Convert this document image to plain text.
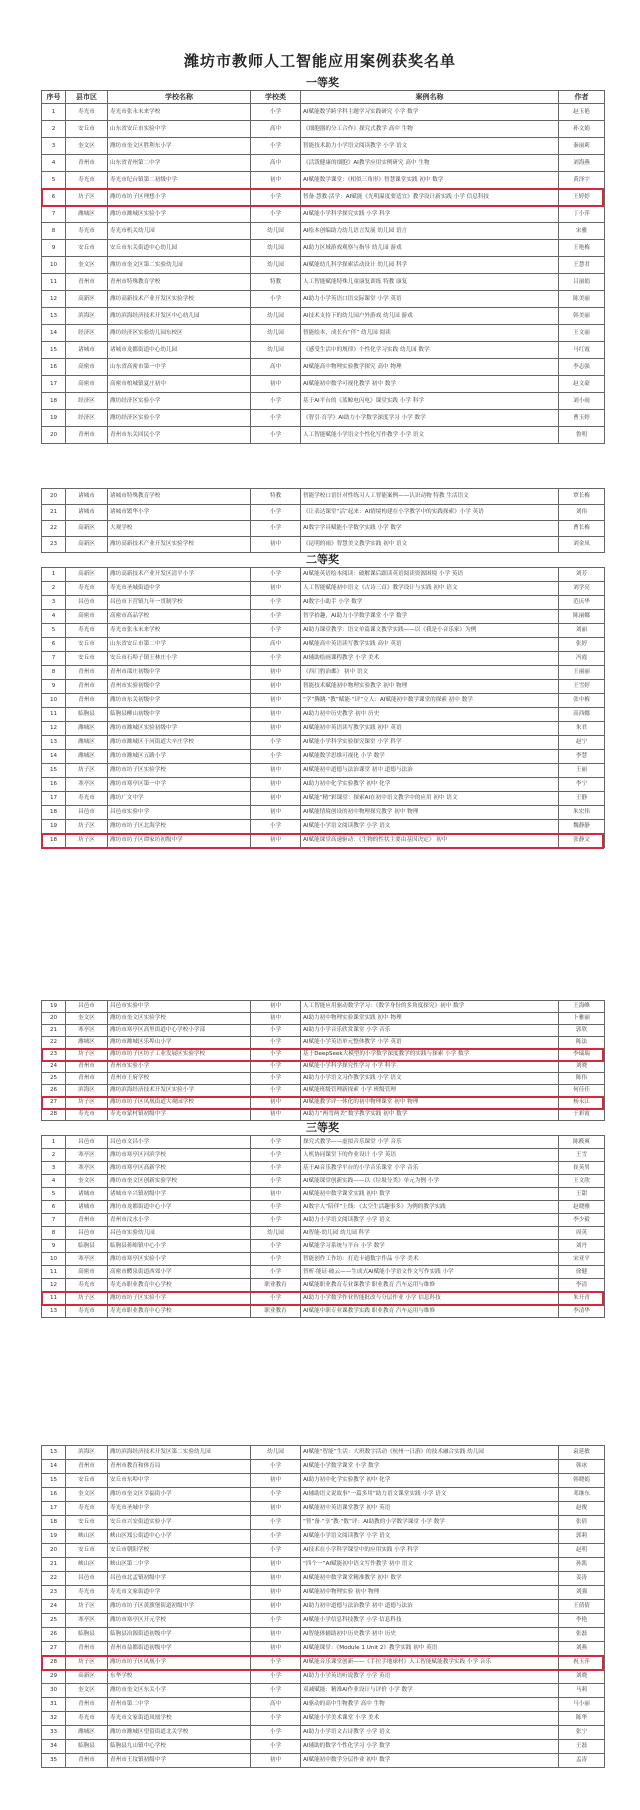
潍坊市教师人工智能应用案例获奖名单
一等奖
序号	县市区	学校名称	学校类	案例名称	作者
1	寿光市	寿光市张永未来学校	小学	AI赋能数学跨学科主题学习实践研究 小学 数学	赵玉艳
2	安丘市	山东省安丘市实验中学	高中	《细胞器的分工合作》探究式教学 高中 生物	孙文娟
3	奎文区	潍坊市奎文区胜利东小学	小学	智能技术助力小学语文阅读教学 小学 语文	秦丽莉
4	青州市	山东省青州第二中学	高中	《活泼健康的细胞》AI教学应用实例研究 高中 生物	刘海燕
5	寿光市	寿光市纪台镇第二初级中学	初中	AI赋能数学课堂：《相似三角形》智慧课堂实践 初中 数学	黄泽宇
6	坊子区	潍坊市坊子区理想小学	小学	智备·慧教·活学：AI赋能《光明温度要适宜》教学设计新实践 小学 信息科技	王婷婷
7	潍城区	潍坊市潍城区实验小学	小学	AI赋能小学科学探究实践 小学 科学	丁小萍
8	寿光市	寿光市机关幼儿园	幼儿园	AI绘本创编助力幼儿语言发展 幼儿园 语言	宋雅
9	安丘市	安丘市东关街道中心幼儿园	幼儿园	AI助力区域游戏观察与指导 幼儿园 游戏	王艳梅
10	奎文区	潍坊市奎文区第二实验幼儿园	幼儿园	AI赋能幼儿科学探索活动设计 幼儿园 科学	王慧君
11	青州市	青州市特殊教育学校	特教	人工智能赋能特殊儿童康复训练 特教 康复	吕丽娟
12	高新区	潍坊高新技术产业开发区实验学校	小学	AI助力小学英语口语交际课堂 小学 英语	陈美丽
13	滨海区	潍坊滨海经济技术开发区中心幼儿园	幼儿园	AI技术支持下的幼儿园户外游戏 幼儿园 游戏	韩美丽
14	经济区	潍坊经济区实验幼儿园东校区	幼儿园	智能绘本，成长有“伴” 幼儿园 阅读	王文丽
15	诸城市	诸城市龙都街道中心幼儿园	幼儿园	《感受生活中的规律》个性化学习实践 幼儿园 数学	马红霞
16	高密市	山东省高密市第一中学	高中	AI赋能高中物理实验教学探究 高中 物理	李志强
17	高密市	高密市柏城镇夏庄初中	初中	AI赋能初中数学可视化教学 初中 数学	赵文豪
18	经济区	潍坊经济区实验小学	小学	基于AI平台的《蓝鲸电闪电》课堂实践 小学 科学	刘小雨
19	经济区	潍坊经济区实验小学	小学	《智引·育学》AI助力小学数学深度学习 小学 数学	曹玉婷
20	青州市	青州市东关回民小学	小学	人工智能赋能小学语文个性化写作教学 小学 语文	鲁明
20	诸城市	诸城市特殊教育学校	特教	智能学校口语针对性练习人工智能案例——认识动物 特教 生活语文	覃长梅
21	诸城市	诸城市繁华小学	小学	《让表达课堂“活”起来：AI情境构建在小学教学中的实践探索》小学 英语	刘伟
22	高新区	大观学校	小学	AI数字学具赋能小学数学实践 小学 数学	曹长梅
23	高新区	潍坊高新技术产业开发区实验学校	初中	《昆明的雨》智慧美文教学实践 初中 语文	刘金凤
二等奖
1	高新区	潍坊高新技术产业开发区清平小学	小学	AI赋能英语绘本阅读：破解课后跟读英语阅读资源困境 小学 英语	刘芳
2	寿光市	寿光市圣城街道中学	初中	人工智能赋能初中语文《古诗三首》教学设计与实践 初中 语文	刘学亮
3	昌邑市	昌邑市下营镇九年一贯制学校	小学	AI数字小助手 小学 数学	范庆华
4	高密市	高密市高品学校	小学	智学拾趣，AI助力小学数学课堂 小学 数学	陈丽娜
5	寿光市	寿光市张永未来学校	小学	AI助力课堂教学：语文单篇课文教学实践——以《我是小音乐家》为例	刘丽
6	安丘市	山东省安丘市第二中学	高中	AI赋能高中英语读写教学实践 高中 英语	张婷
7	安丘市	安丘市石埠子镇王林庄小学	小学	AI辅助绘画课程教学 小学 美术	冯霞
8	青州市	青州市邵庄初级中学	初中	《西门豹治邺》 初中 语文	王丽丽
9	青州市	青州市实验初级中学	初中	智能技术赋能初中物理实验教学 初中 物理	王雪婷
10	青州市	潍坊市东关初级中学	初中	“学”腾跳·“教”赋能·“评”立人：AI赋能初中数学课堂的探索 初中 数学	张中梅
11	临朐县	临朐县柳山初级中学	初中	AI助力初中历史教学 初中 历史	高西娜
12	潍城区	潍坊市潍城区实验初级中学	初中	AI赋能初中英语读写教学实践 初中 英语	朱君
13	潍城区	潍坊市潍城区于河街道大辛庄学校	小学	AI赋能小学科学实验探究课堂 小学 科学	赵宁
14	潍城区	潍坊市潍城区五路小学	小学	AI赋能数学思维可视化 小学 数学	李慧
15	坊子区	潍坊市坊子区实验学校	初中	AI赋能初中道德与法治课堂 初中 道德与法治	王丽
16	寒亭区	潍坊市寒亭区第一中学	初中	AI助力初中化学实验教学 初中 化学	李宁
17	寿光市	潍坊广文中学	初中	AI赋能“精”彩课堂：探索AI在初中语文教学中的应用 初中 语文	王静
18	昌邑市	昌邑市实验中学	初中	AI赋能情境创设的初中物理探究教学 初中 物理	朱宏伟
19	坊子区	潍坊市坊子区北海学校	小学	AI赋能小学语文阅读教学 小学 语文	魏静静
18	坊子区	潍坊市坊子区谭家坊初级中学	初中	AI赋能课堂高速驱动：《生物的性状主要由基因决定》 初中	张静文
19	昌邑市	昌邑市实验中学	初中	人工智能应用驱动数学学习：《数学身份的多角度探究》初中 数学	王海峰
20	奎文区	潍坊市奎文区实验学校	初中	AI助力初中物理实验课堂实践 初中 物理	卜雅丽
21	寒亭区	潍坊市寒亭区高里街道中心学校小学部	小学	AI助力小学音乐欣赏课堂 小学 音乐	郭欣
22	潍城区	潍坊市潍城区乐埠山小学	小学	AI赋能小学英语单元整体教学 小学 英语	陈法
23	坊子区	潍坊市坊子区坊子工业发展区实验学校	小学	基于DeepSeek大模型的小学数学深度教学的实践与探索 小学 数学	李瑞瑞
24	青州市	青州市实验小学	小学	AI赋能小学科学探究性学习 小学 科学	刘晓
25	青州市	青州市王府学校	小学	AI助力小学语文习作教学实践 小学 语文	陈伟
26	滨海区	潍坊滨海经济技术开发区实验小学	小学	AI赋能班级管理新探索 小学 班级管理	何佳佳
27	坊子区	潍坊市坊子区凤凰街道大观园学校	初中	AI赋能教学评一体化的初中物理课堂 初中 物理	杨永江
28	寿光市	寿光市蒙村镇初级中学	初中	AI助力“两弯两美”数学教学实践 初中 数学	于彩霞
三等奖
1	昌邑市	昌邑市文昌小学	小学	探究式教学——虚拟音乐课堂 小学 音乐	陈筱爽
2	寒亭区	潍坊市寒亭区河滨学校	小学	人机协同课堂下的作业设计 小学 英语	王雪
3	寒亭区	潍坊市寒亭区高新学校	小学	基于AI音乐教学平台的小学音乐课堂 小学 音乐	崔英男
4	奎文区	潍坊市奎文区创新实验学校	小学	AI赋能课堂创新实践——以《垃圾分类》单元为例 小学	王文欣
5	诸城市	诸城市辛兴镇初级中学	初中	AI赋能初中数学课堂实践 初中 数学	王甜
6	诸城市	潍坊市龙都街道中心小学	小学	AI数字人“陪伴”上线：《太空生活趣事多》为例的教学实践	赵晓雅
7	青州市	青州市汶水小学	小学	AI助力小学语文阅读教学 小学 语文	李少毅
8	昌邑市	昌邑市实验幼儿园	幼儿园	AI智能·幼儿园 幼儿园 科学	周英
9	临朐县	临朐县蒋峪镇中心小学	小学	AI赋能学习系统与平台 小学 数学	刘丹
10	寒亭区	潍坊市寒亭区实验小学	小学	智能创作工作坊：打造卡通数字作品 小学 美术	宋亚平
11	高密市	高密市醴泉街道西郊小学	小学	智析·能证·破云——生成式AI赋能小学语文作文写作实践 小学	徐健
12	寿光市	寿光市职业教育中心学校	职业教育	AI赋能职业教育专业课教学 职业教育 汽车运用与维修	李清
11	坊子区	潍坊市坊子区实验小学	小学	AI助力小学数学作业智能批改与分层作业 小学 信息科技	朱开青
13	寿光市	寿光市职业教育中心学校	职业教育	AI赋能中职专业课教学实践 职业教育 汽车运用与维修	李清华
13	滨海区	潍坊滨海经济技术开发区第二实验幼儿园	幼儿园	AI赋能“智能”生活：大班数字活动《杭州一日游》的技术融合实践 幼儿园	袁延敏
14	青州市	青州市教育和体育局	小学	AI赋能小学数学课堂 小学 数学	韩冰
15	安丘市	安丘市东埠中学	初中	AI助力初中化学实验教学 初中 化学	韩晓娟
16	奎文区	潍坊市奎文区幸福街小学	小学	AI辅助语文说故事“一篇多用”助力语文课堂实践 小学 语文	邓继东
17	寿光市	寿光市圣城中学	初中	AI赋能初中英语课堂教学 初中 英语	赵俊
18	安丘市	安丘市兴安街道实验小学	小学	“智”备·“享”教·“数”评：AI助教的小学数学课堂 小学 数学	张倩
19	峡山区	峡山区郑公街道中心小学	小学	AI赋能小学语文阅读教学 小学 语文	郭莉
20	安丘市	安丘市朝阳学校	小学	AI技术在小学科学课堂中的应用实践 小学 科学	赵明
21	峡山区	峡山区第二中学	初中	“四个一”AI赋能初中语文写作教学 初中 语文	孙凯
22	昌邑市	昌邑市北孟镇初级中学	初中	AI赋能初中数学课堂精准教学 初中 数学	姜涛
23	寿光市	寿光市文家街道中学	初中	AI赋能初中物理实验 初中 物理	刘强
24	坊子区	潍坊市坊子区黄旗堡街道初级中学	初中	AI助力初中道德与法治教学 初中 道德与法治	王倩倩
25	寒亭区	潍坊市寒亭区开元学校	小学	AI赋能小学信息科技教学 小学 信息科技	李艳
26	临朐县	临朐县冶源街道初级中学	初中	AI智能体辅助初中历史教学 初中 历史	张磊
27	青州市	青州市益都街道初级中学	初中	AI赋能课堂：《Module 1 Unit 2》教学实践 初中 英语	刘燕
28	坊子区	潍坊市坊子区凤凰小学	小学	AI赋能音乐课堂创新——《手拉手地球村》人工智能赋能教学实践 小学 音乐	祝玉萍
29	高新区	东华学校	小学	AI助力小学英语听说教学 小学 英语	刘晓
30	奎文区	潍坊市奎文区东关小学	小学	双减赋能：精准AI作业设计与评价 小学 数学	马莉
31	青州市	青州市第二中学	高中	AI驱动的高中生物教学 高中 生物	马小丽
32	寿光市	寿光市文家街道凤凰学校	小学	AI赋能小学美术课堂 小学 美术	陈华
33	潍城区	潍坊市潍城区望留街道北关学校	小学	AI助力小学语文古诗教学 小学 语文	张宁
34	临朐县	临朐县九山镇中心学校	小学	AI辅助的数学个性化学习 小学 数学	王磊
35	青州市	青州市王坟镇初级中学	初中	AI赋能初中数学分层作业 初中 数学	孟涛
